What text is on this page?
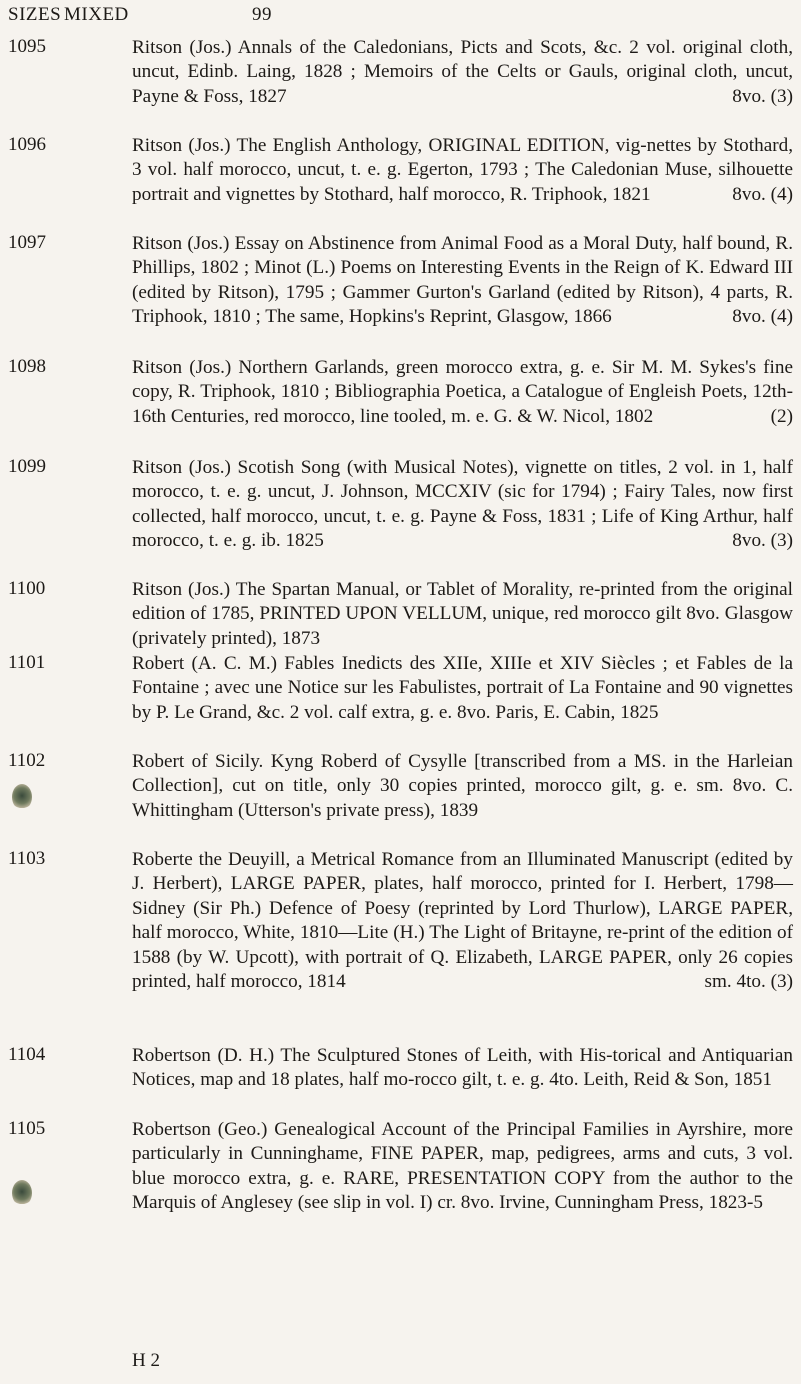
SIZES MIXED	99
1095	Ritson (Jos.) Annals of the Caledonians, Picts and Scots, &c. 2 vol. original cloth, uncut, Edinb. Laing, 1828 ; Memoirs of the Celts or Gauls, original cloth, uncut, Payne & Foss, 1827	8vo. (3)
1096	Ritson (Jos.) The English Anthology, ORIGINAL EDITION, vig-nettes by Stothard, 3 vol. half morocco, uncut, t. e. g. Egerton, 1793 ; The Caledonian Muse, silhouette portrait and vignettes by Stothard, half morocco, R. Triphook, 1821	8vo. (4)
1097	Ritson (Jos.) Essay on Abstinence from Animal Food as a Moral Duty, half bound, R. Phillips, 1802 ; Minot (L.) Poems on Interesting Events in the Reign of K. Edward III (edited by Ritson), 1795 ; Gammer Gurton's Garland (edited by Ritson), 4 parts, R. Triphook, 1810 ; The same, Hopkins's Reprint, Glasgow, 1866	8vo. (4)
1098	Ritson (Jos.) Northern Garlands, green morocco extra, g. e. Sir M. M. Sykes's fine copy, R. Triphook, 1810 ; Bibliographia Poetica, a Catalogue of Engleish Poets, 12th-16th Centuries, red morocco, line tooled, m. e. G. & W. Nicol, 1802	(2)
1099	Ritson (Jos.) Scotish Song (with Musical Notes), vignette on titles, 2 vol. in 1, half morocco, t. e. g. uncut, J. Johnson, MCCXIV (sic for 1794) ; Fairy Tales, now first collected, half morocco, uncut, t. e. g. Payne & Foss, 1831 ; Life of King Arthur, half morocco, t. e. g. ib. 1825	8vo. (3)
1100	Ritson (Jos.) The Spartan Manual, or Tablet of Morality, re-printed from the original edition of 1785, PRINTED UPON VELLUM, unique, red morocco gilt 8vo. Glasgow (privately printed), 1873
1101	Robert (A. C. M.) Fables Inedicts des XIIe, XIIIe et XIV Siècles ; et Fables de la Fontaine ; avec une Notice sur les Fabulistes, portrait of La Fontaine and 90 vignettes by P. Le Grand, &c. 2 vol. calf extra, g. e. 8vo. Paris, E. Cabin, 1825
1102	Robert of Sicily. Kyng Roberd of Cysylle [transcribed from a MS. in the Harleian Collection], cut on title, only 30 copies printed, morocco gilt, g. e. sm. 8vo. C. Whittingham (Utterson's private press), 1839
1103	Roberte the Deuyill, a Metrical Romance from an Illuminated Manuscript (edited by J. Herbert), LARGE PAPER, plates, half morocco, printed for I. Herbert, 1798—Sidney (Sir Ph.) Defence of Poesy (reprinted by Lord Thurlow), LARGE PAPER, half morocco, White, 1810—Lite (H.) The Light of Britayne, re-print of the edition of 1588 (by W. Upcott), with portrait of Q. Elizabeth, LARGE PAPER, only 26 copies printed, half morocco, 1814	sm. 4to. (3)
1104	Robertson (D. H.) The Sculptured Stones of Leith, with His-torical and Antiquarian Notices, map and 18 plates, half mo-rocco gilt, t. e. g. 4to. Leith, Reid & Son, 1851
1105	Robertson (Geo.) Genealogical Account of the Principal Families in Ayrshire, more particularly in Cunninghame, FINE PAPER, map, pedigrees, arms and cuts, 3 vol. blue morocco extra, g. e. RARE, PRESENTATION COPY from the author to the Marquis of Anglesey (see slip in vol. I) cr. 8vo. Irvine, Cunningham Press, 1823-5
H 2
